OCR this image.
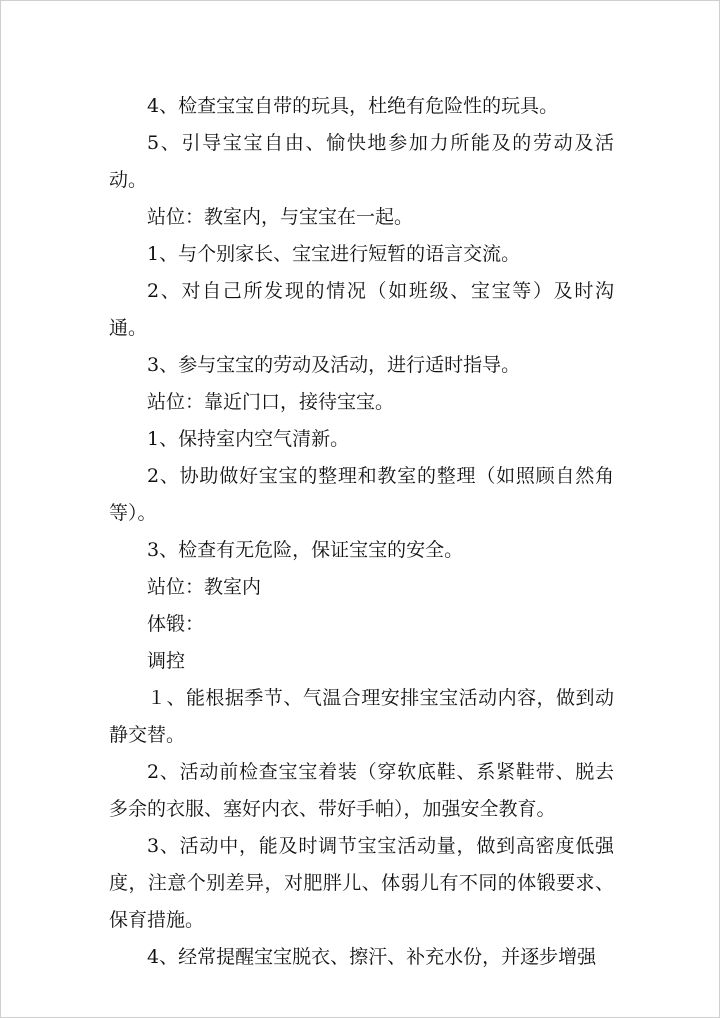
4、检查宝宝自带的玩具，杜绝有危险性的玩具。

5、引导宝宝自由、愉快地参加力所能及的劳动及活动。

站位：教室内，与宝宝在一起。

1、与个别家长、宝宝进行短暂的语言交流。

2、对自己所发现的情况（如班级、宝宝等）及时沟通。

3、参与宝宝的劳动及活动，进行适时指导。

站位：靠近门口，接待宝宝。

1、保持室内空气清新。

2、协助做好宝宝的整理和教室的整理（如照顾自然角等）。

3、检查有无危险，保证宝宝的安全。

站位：教室内

体锻：

调控

１、能根据季节、气温合理安排宝宝活动内容，做到动静交替。

2、活动前检查宝宝着装（穿软底鞋、系紧鞋带、脱去多余的衣服、塞好内衣、带好手帕），加强安全教育。

3、活动中，能及时调节宝宝活动量，做到高密度低强度，注意个别差异，对肥胖儿、体弱儿有不同的体锻要求、保育措施。

4、经常提醒宝宝脱衣、擦汗、补充水份，并逐步增强
